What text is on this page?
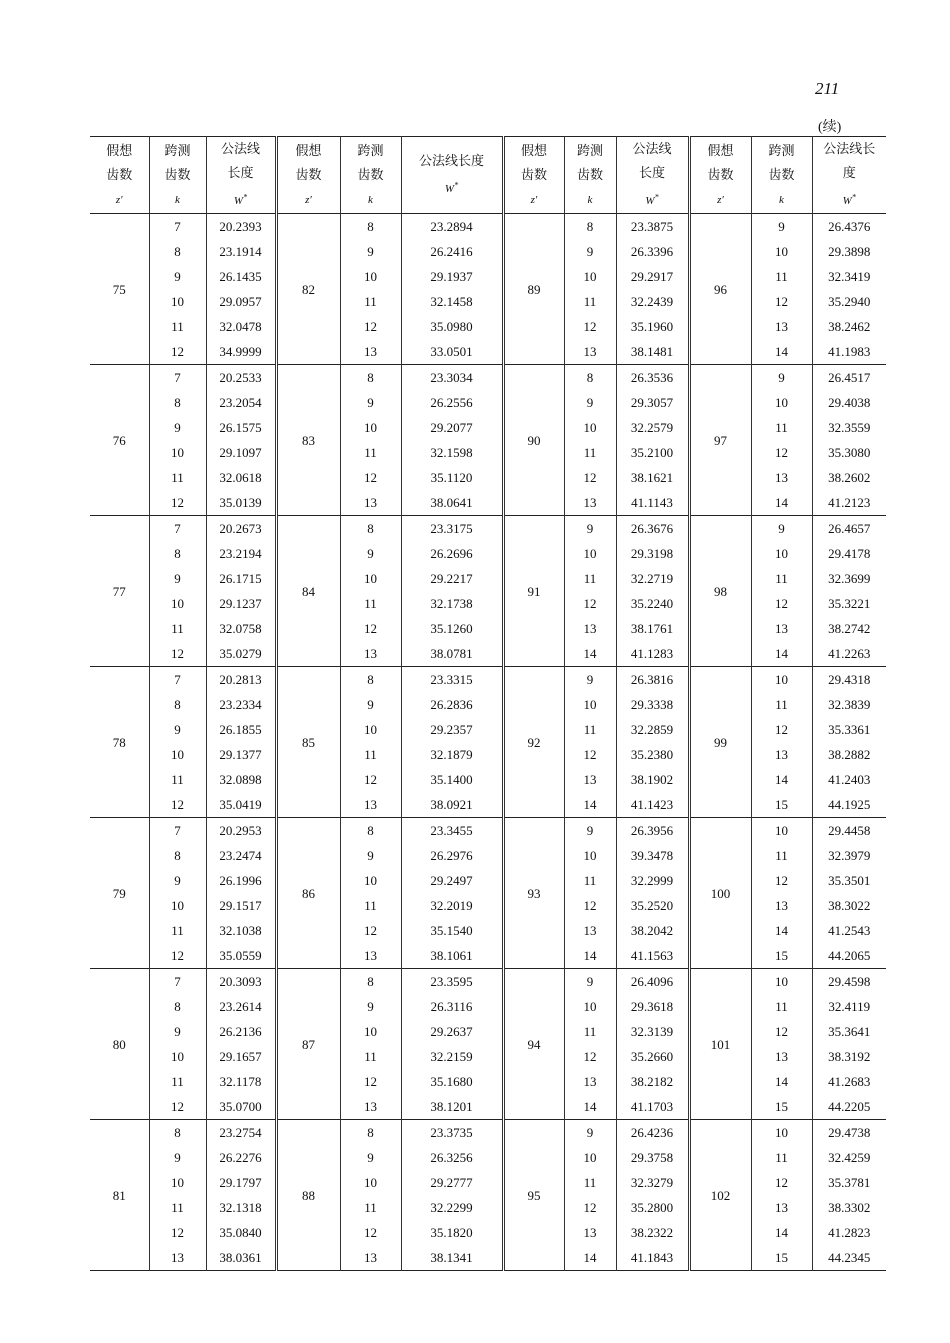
211
(续)
假想
齿数
z′	跨测
齿数
k	公法线
长度
W*	假想
齿数
z′	跨测
齿数
k	公法线长度
W*	假想
齿数
z′	跨测
齿数
k	公法线
长度
W*	假想
齿数
z′	跨测
齿数
k	公法线长
度
W*
75	7	20.2393	82	8	23.2894	89	8	23.3875	96	9	26.4376
	8	23.1914		9	26.2416		9	26.3396		10	29.3898
	9	26.1435		10	29.1937		10	29.2917		11	32.3419
	10	29.0957		11	32.1458		11	32.2439		12	35.2940
	11	32.0478		12	35.0980		12	35.1960		13	38.2462
	12	34.9999		13	33.0501		13	38.1481		14	41.1983
76	7	20.2533	83	8	23.3034	90	8	26.3536	97	9	26.4517
	8	23.2054		9	26.2556		9	29.3057		10	29.4038
	9	26.1575		10	29.2077		10	32.2579		11	32.3559
	10	29.1097		11	32.1598		11	35.2100		12	35.3080
	11	32.0618		12	35.1120		12	38.1621		13	38.2602
	12	35.0139		13	38.0641		13	41.1143		14	41.2123
77	7	20.2673	84	8	23.3175	91	9	26.3676	98	9	26.4657
	8	23.2194		9	26.2696		10	29.3198		10	29.4178
	9	26.1715		10	29.2217		11	32.2719		11	32.3699
	10	29.1237		11	32.1738		12	35.2240		12	35.3221
	11	32.0758		12	35.1260		13	38.1761		13	38.2742
	12	35.0279		13	38.0781		14	41.1283		14	41.2263
78	7	20.2813	85	8	23.3315	92	9	26.3816	99	10	29.4318
	8	23.2334		9	26.2836		10	29.3338		11	32.3839
	9	26.1855		10	29.2357		11	32.2859		12	35.3361
	10	29.1377		11	32.1879		12	35.2380		13	38.2882
	11	32.0898		12	35.1400		13	38.1902		14	41.2403
	12	35.0419		13	38.0921		14	41.1423		15	44.1925
79	7	20.2953	86	8	23.3455	93	9	26.3956	100	10	29.4458
	8	23.2474		9	26.2976		10	39.3478		11	32.3979
	9	26.1996		10	29.2497		11	32.2999		12	35.3501
	10	29.1517		11	32.2019		12	35.2520		13	38.3022
	11	32.1038		12	35.1540		13	38.2042		14	41.2543
	12	35.0559		13	38.1061		14	41.1563		15	44.2065
80	7	20.3093	87	8	23.3595	94	9	26.4096	101	10	29.4598
	8	23.2614		9	26.3116		10	29.3618		11	32.4119
	9	26.2136		10	29.2637		11	32.3139		12	35.3641
	10	29.1657		11	32.2159		12	35.2660		13	38.3192
	11	32.1178		12	35.1680		13	38.2182		14	41.2683
	12	35.0700		13	38.1201		14	41.1703		15	44.2205
81	8	23.2754	88	8	23.3735	95	9	26.4236	102	10	29.4738
	9	26.2276		9	26.3256		10	29.3758		11	32.4259
	10	29.1797		10	29.2777		11	32.3279		12	35.3781
	11	32.1318		11	32.2299		12	35.2800		13	38.3302
	12	35.0840		12	35.1820		13	38.2322		14	41.2823
	13	38.0361		13	38.1341		14	41.1843		15	44.2345
